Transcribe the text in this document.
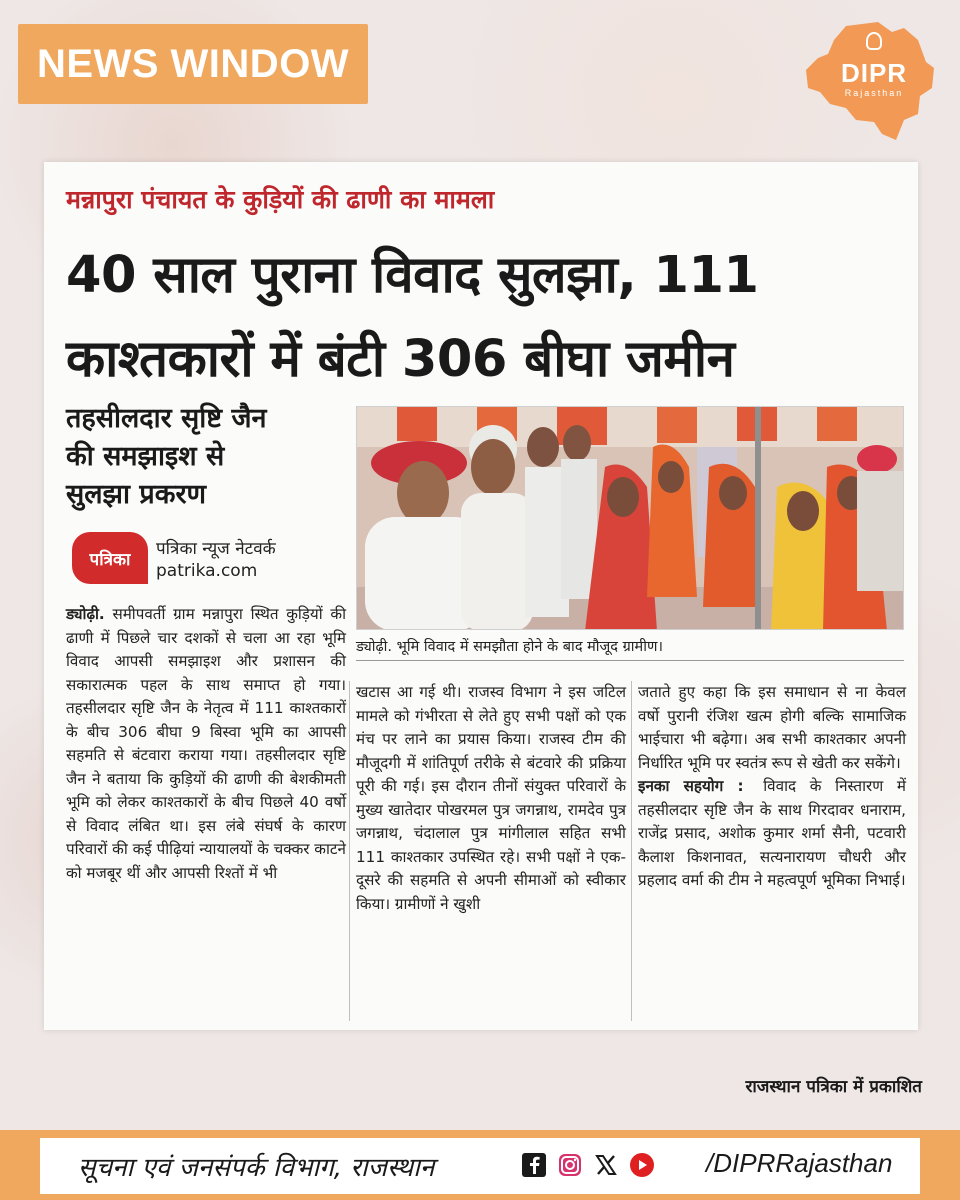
NEWS WINDOW	DIPR
Rajasthan
मन्नापुरा पंचायत के कुड़ियों की ढाणी का मामला
40 साल पुराना विवाद सुलझा, 111
काश्तकारों में बंटी 306 बीघा जमीन
तहसीलदार सृष्टि जैन
की समझाइश से
सुलझा प्रकरण
पत्रिका
पत्रिका न्यूज नेटवर्क
patrika.com
ड्योढ़ी. भूमि विवाद में समझौता होने के बाद मौजूद ग्रामीण।
ड्योढ़ी. समीपवर्ती ग्राम मन्नापुरा स्थित कुड़ियों की ढाणी में पिछले चार दशकों से चला आ रहा भूमि विवाद आपसी समझाइश और प्रशासन की सकारात्मक पहल के साथ समाप्त हो गया। तहसीलदार सृष्टि जैन के नेतृत्व में 111 काश्तकारों के बीच 306 बीघा 9 बिस्वा भूमि का आपसी सहमति से बंटवारा कराया गया। तहसीलदार सृष्टि जैन ने बताया कि कुड़ियों की ढाणी की बेशकीमती भूमि को लेकर काश्तकारों के बीच पिछले 40 वर्षो से विवाद लंबित था। इस लंबे संघर्ष के कारण परिवारों की कई पीढ़ियां न्यायालयों के चक्कर काटने को मजबूर थीं और आपसी रिश्तों में भी
खटास आ गई थी। राजस्व विभाग ने इस जटिल मामले को गंभीरता से लेते हुए सभी पक्षों को एक मंच पर लाने का प्रयास किया। राजस्व टीम की मौजूदगी में शांतिपूर्ण तरीके से बंटवारे की प्रक्रिया पूरी की गई। इस दौरान तीनों संयुक्त परिवारों के मुख्य खातेदार पोखरमल पुत्र जगन्नाथ, रामदेव पुत्र जगन्नाथ, चंदालाल पुत्र मांगीलाल सहित सभी 111 काश्तकार उपस्थित रहे। सभी पक्षों ने एक-दूसरे की सहमति से अपनी सीमाओं को स्वीकार किया। ग्रामीणों ने खुशी
जताते हुए कहा कि इस समाधान से ना केवल वर्षो पुरानी रंजिश खत्म होगी बल्कि सामाजिक भाईचारा भी बढ़ेगा। अब सभी काश्तकार अपनी निर्धारित भूमि पर स्वतंत्र रूप से खेती कर सकेंगे।
इनका सहयोग : विवाद के निस्तारण में तहसीलदार सृष्टि जैन के साथ गिरदावर धनाराम, राजेंद्र प्रसाद, अशोक कुमार शर्मा सैनी, पटवारी कैलाश किशनावत, सत्यनारायण चौधरी और प्रहलाद वर्मा की टीम ने महत्वपूर्ण भूमिका निभाई।
राजस्थान पत्रिका में प्रकाशित
सूचना एवं जनसंपर्क विभाग, राजस्थान	/DIPRRajasthan
